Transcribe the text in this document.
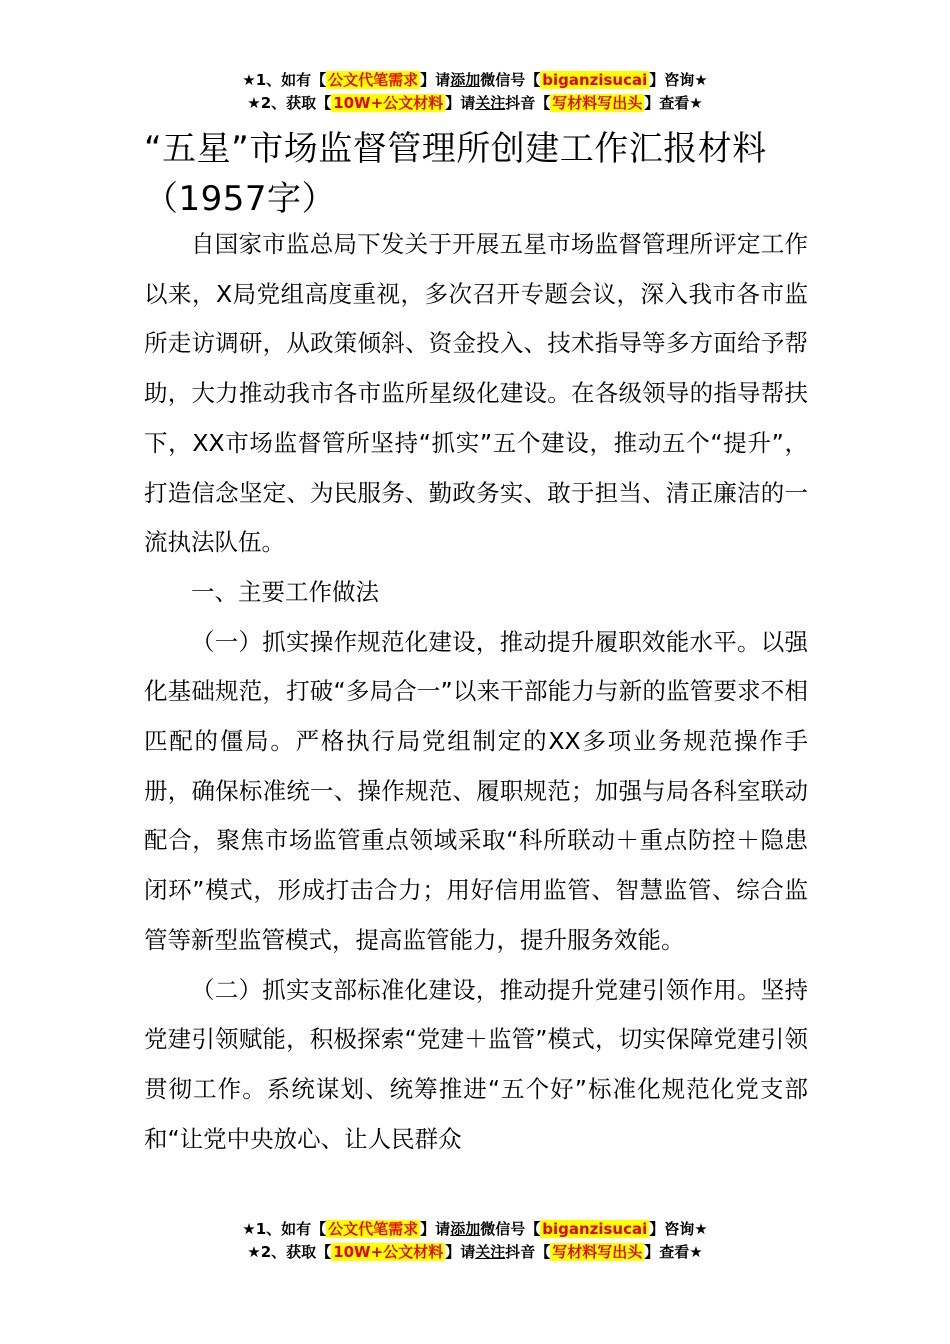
★1、如有【 公文代笔需求 】请添加微信号【 biganzisucai 】咨询★
★2、获取【 10W+公文材料 】请关注抖音【 写材料写出头 】查看★
“五星”市场监督管理所创建工作汇报材料（1957字）

自国家市监总局下发关于开展五星市场监督管理所评定工作以来，X局党组高度重视，多次召开专题会议，深入我市各市监所走访调研，从政策倾斜、资金投入、技术指导等多方面给予帮助，大力推动我市各市监所星级化建设。在各级领导的指导帮扶下，XX市场监督管所坚持“抓实”五个建设，推动五个“提升”，打造信念坚定、为民服务、勤政务实、敢于担当、清正廉洁的一流执法队伍。

一、主要工作做法

（一）抓实操作规范化建设，推动提升履职效能水平。以强化基础规范，打破“多局合一”以来干部能力与新的监管要求不相匹配的僵局。严格执行局党组制定的XX多项业务规范操作手册，确保标准统一、操作规范、履职规范；加强与局各科室联动配合，聚焦市场监管重点领域采取“科所联动＋重点防控＋隐患闭环”模式，形成打击合力；用好信用监管、智慧监管、综合监管等新型监管模式，提高监管能力，提升服务效能。

（二）抓实支部标准化建设，推动提升党建引领作用。坚持党建引领赋能，积极探索“党建＋监管”模式，切实保障党建引领贯彻工作。系统谋划、统筹推进“五个好”标准化规范化党支部和“让党中央放心、让人民群众

★1、如有【 公文代笔需求 】请添加微信号【 biganzisucai 】咨询★
★2、获取【 10W+公文材料 】请关注抖音【 写材料写出头 】查看★
